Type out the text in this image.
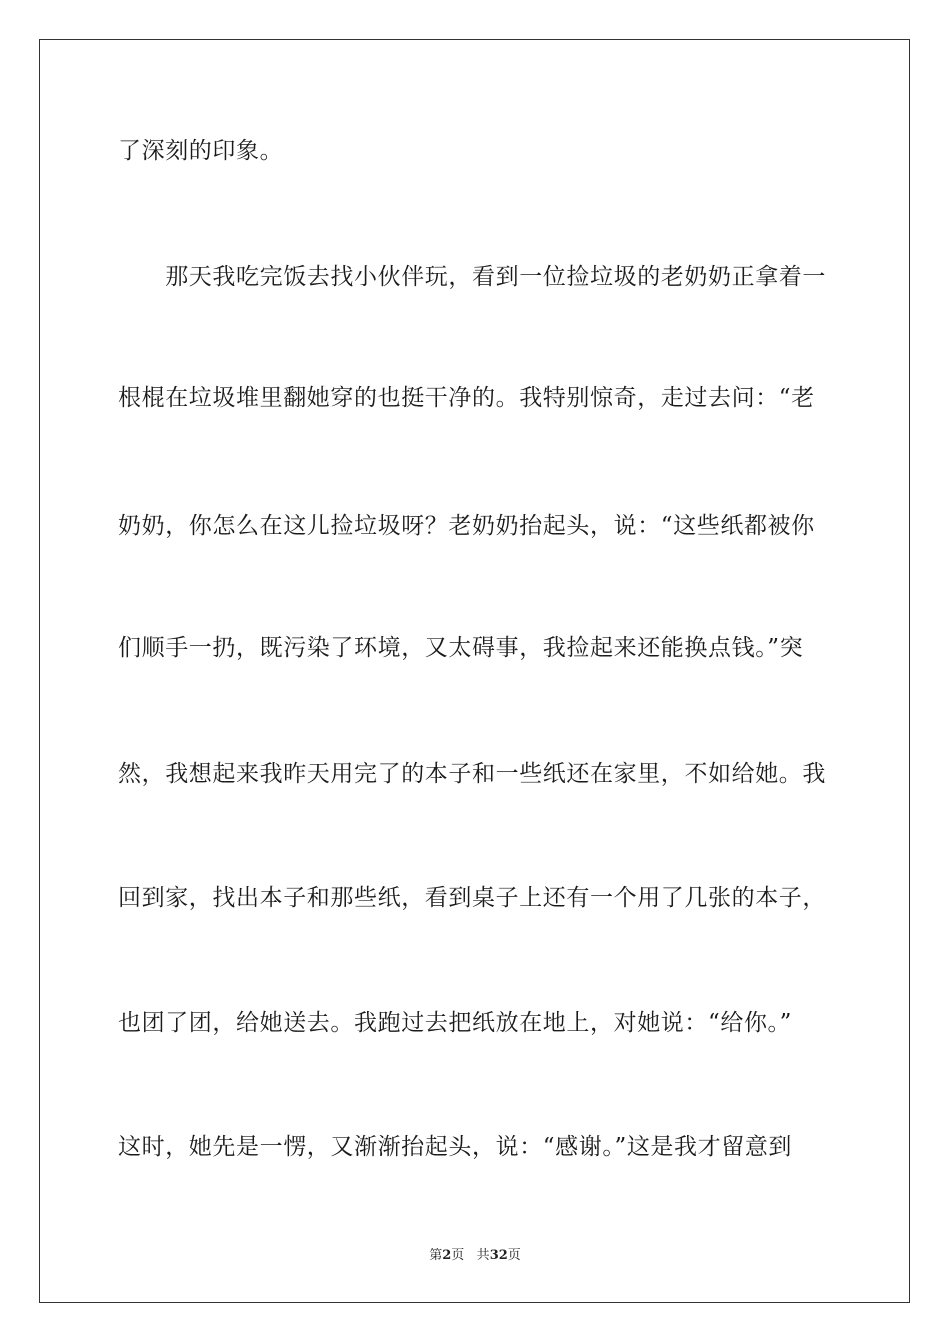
了深刻的印象。
　　那天我吃完饭去找小伙伴玩，看到一位捡垃圾的老奶奶正拿着一
根棍在垃圾堆里翻她穿的也挺干净的。我特别惊奇，走过去问：“老
奶奶，你怎么在这儿捡垃圾呀？老奶奶抬起头，说：“这些纸都被你
们顺手一扔，既污染了环境，又太碍事，我捡起来还能换点钱。”突
然，我想起来我昨天用完了的本子和一些纸还在家里，不如给她。我
回到家，找出本子和那些纸，看到桌子上还有一个用了几张的本子，
也团了团，给她送去。我跑过去把纸放在地上，对她说：“给你。”
这时，她先是一愣，又渐渐抬起头，说：“感谢。”这是我才留意到
第2页 共32页
